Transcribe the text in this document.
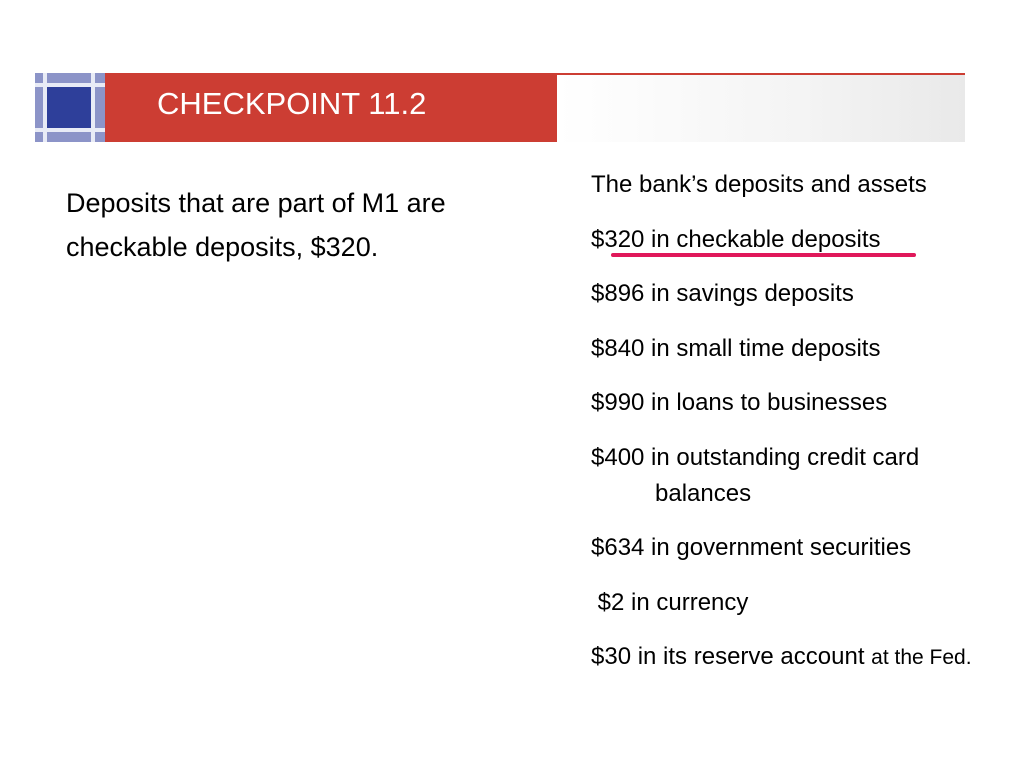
CHECKPOINT 11.2
Deposits that are part of M1 are checkable deposits, $320.
The bank’s deposits and assets
$320 in checkable deposits
$896 in savings deposits
$840 in small time deposits
$990 in loans to businesses
$400 in outstanding credit card balances
$634 in government securities
$2 in currency
$30 in its reserve account at the Fed.
